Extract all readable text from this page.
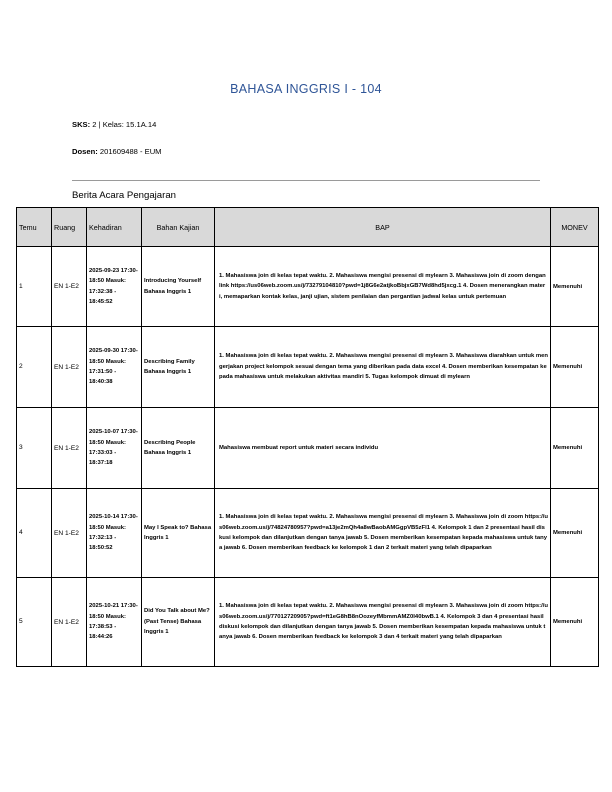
BAHASA INGGRIS I - 104
SKS: 2 | Kelas: 15.1A.14
Dosen: 201609488 - EUM
Berita Acara Pengajaran
Temu	Ruang	Kehadiran	Bahan Kajian	BAP	MONEV
1	EN 1-E2	2025-09-23 17:30-18:50 Masuk: 17:32:38 - 18:45:52	Introducing Yourself Bahasa Inggris 1	1. Mahasiswa join di kelas tepat waktu. 2. Mahasiswa mengisi presensi di mylearn 3. Mahasiswa join di zoom dengan link https://us06web.zoom.us/j/73279104810?pwd=1j8G6e2atjkoBbjxGB7Wd8hd5jxcg.1 4. Dosen menerangkan materi, memaparkan kontak kelas, janji ujian, sistem penilaian dan pergantian jadwal kelas untuk pertemuan	Memenuhi
2	EN 1-E2	2025-09-30 17:30-18:50 Masuk: 17:31:50 - 18:40:38	Describing Family Bahasa Inggris 1	1. Mahasiswa join di kelas tepat waktu. 2. Mahasiswa mengisi presensi di mylearn 3. Mahasiswa diarahkan untuk mengerjakan project kelompok sesuai dengan tema yang diberikan pada data excel 4. Dosen memberikan kesempatan kepada mahasiswa untuk melakukan aktivitas mandiri 5. Tugas kelompok dimuat di mylearn	Memenuhi
3	EN 1-E2	2025-10-07 17:30-18:50 Masuk: 17:33:03 - 18:37:18	Describing People Bahasa Inggris 1	Mahasiswa membuat report untuk materi secara individu	Memenuhi
4	EN 1-E2	2025-10-14 17:30-18:50 Masuk: 17:32:13 - 18:50:52	May I Speak to? Bahasa Inggris 1	1. Mahasiswa join di kelas tepat waktu. 2. Mahasiswa mengisi presensi di mylearn 3. Mahasiswa join di zoom https://us06web.zoom.us/j/74824780957?pwd=a13je2mQh4a8wBaobAMGgpVB5zFI1 4. Kelompok 1 dan 2 presentasi hasil diskusi kelompok dan dilanjutkan dengan tanya jawab 5. Dosen memberikan kesempatan kepada mahasiswa untuk tanya jawab 6. Dosen memberikan feedback ke kelompok 1 dan 2 terkait materi yang telah dipaparkan	Memenuhi
5	EN 1-E2	2025-10-21 17:30-18:50 Masuk: 17:38:53 - 18:44:26	Did You Talk about Me? (Past Tense) Bahasa Inggris 1	1. Mahasiswa join di kelas tepat waktu. 2. Mahasiswa mengisi presensi di mylearn 3. Mahasiswa join di zoom https://us06web.zoom.us/j/77012720905?pwd=ft1eG8hB8nOozeyfMbmmAMZ0I40bwB.1 4. Kelompok 3 dan 4 presentasi hasil diskusi kelompok dan dilanjutkan dengan tanya jawab 5. Dosen memberikan kesempatan kepada mahasiswa untuk tanya jawab 6. Dosen memberikan feedback ke kelompok 3 dan 4 terkait materi yang telah dipaparkan	Memenuhi
